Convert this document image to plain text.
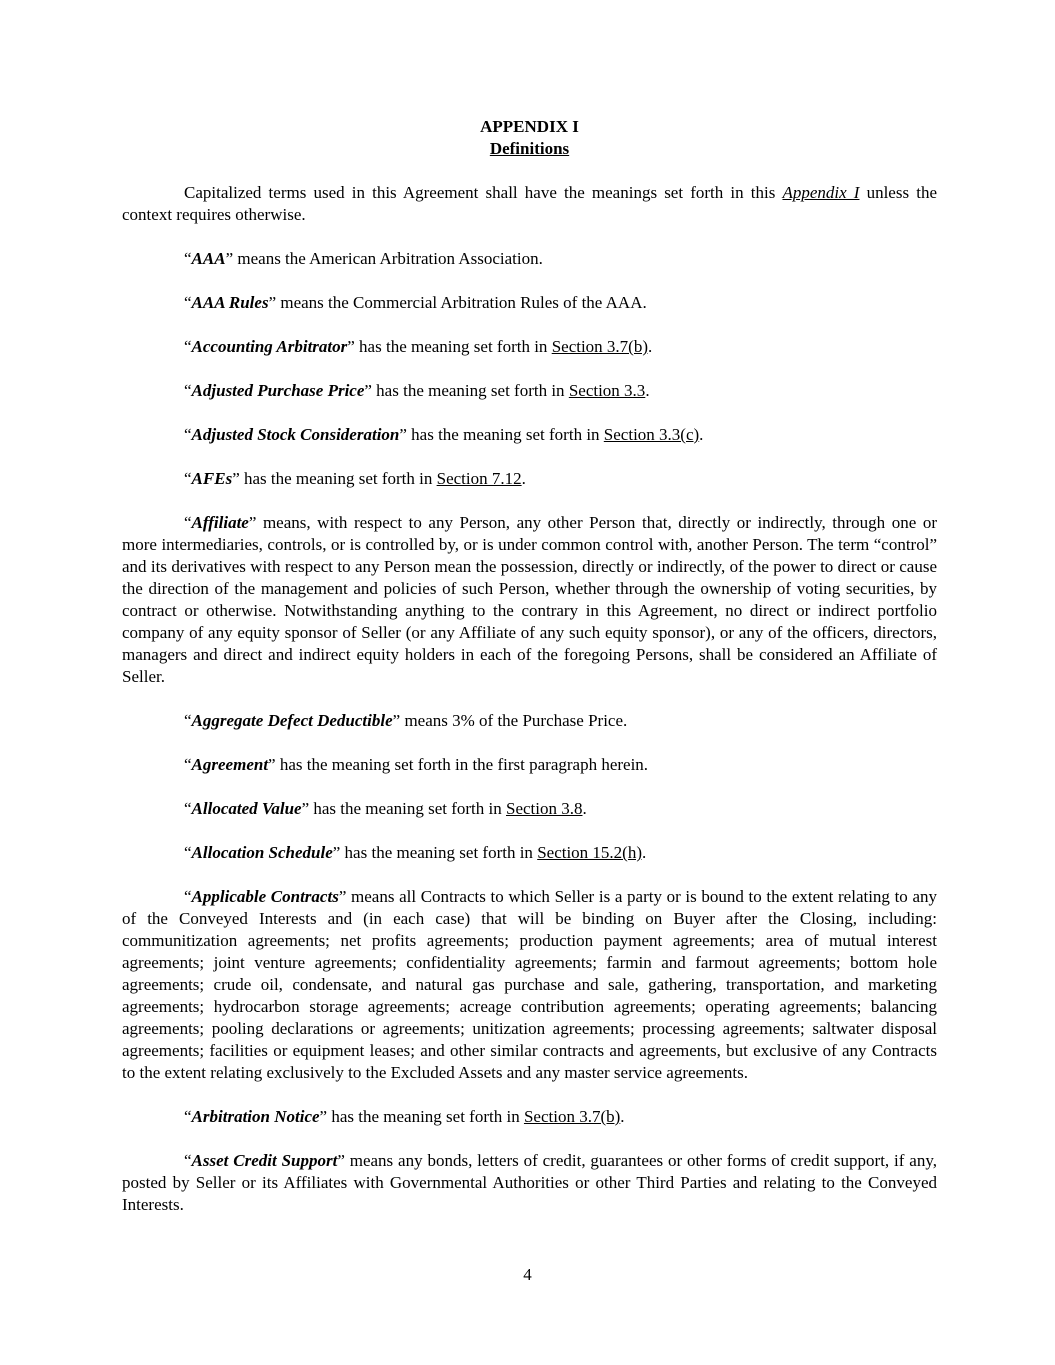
APPENDIX I
Definitions

Capitalized terms used in this Agreement shall have the meanings set forth in this Appendix I unless the context requires otherwise.

“AAA” means the American Arbitration Association.

“AAA Rules” means the Commercial Arbitration Rules of the AAA.

“Accounting Arbitrator” has the meaning set forth in Section 3.7(b).

“Adjusted Purchase Price” has the meaning set forth in Section 3.3.

“Adjusted Stock Consideration” has the meaning set forth in Section 3.3(c).

“AFEs” has the meaning set forth in Section 7.12.

“Affiliate” means, with respect to any Person, any other Person that, directly or indirectly, through one or more intermediaries, controls, or is controlled by, or is under common control with, another Person. The term “control” and its derivatives with respect to any Person mean the possession, directly or indirectly, of the power to direct or cause the direction of the management and policies of such Person, whether through the ownership of voting securities, by contract or otherwise. Notwithstanding anything to the contrary in this Agreement, no direct or indirect portfolio company of any equity sponsor of Seller (or any Affiliate of any such equity sponsor), or any of the officers, directors, managers and direct and indirect equity holders in each of the foregoing Persons, shall be considered an Affiliate of Seller.

“Aggregate Defect Deductible” means 3% of the Purchase Price.

“Agreement” has the meaning set forth in the first paragraph herein.

“Allocated Value” has the meaning set forth in Section 3.8.

“Allocation Schedule” has the meaning set forth in Section 15.2(h).

“Applicable Contracts” means all Contracts to which Seller is a party or is bound to the extent relating to any of the Conveyed Interests and (in each case) that will be binding on Buyer after the Closing, including: communitization agreements; net profits agreements; production payment agreements; area of mutual interest agreements; joint venture agreements; confidentiality agreements; farmin and farmout agreements; bottom hole agreements; crude oil, condensate, and natural gas purchase and sale, gathering, transportation, and marketing agreements; hydrocarbon storage agreements; acreage contribution agreements; operating agreements; balancing agreements; pooling declarations or agreements; unitization agreements; processing agreements; saltwater disposal agreements; facilities or equipment leases; and other similar contracts and agreements, but exclusive of any Contracts to the extent relating exclusively to the Excluded Assets and any master service agreements.

“Arbitration Notice” has the meaning set forth in Section 3.7(b).

“Asset Credit Support” means any bonds, letters of credit, guarantees or other forms of credit support, if any, posted by Seller or its Affiliates with Governmental Authorities or other Third Parties and relating to the Conveyed Interests.

4
